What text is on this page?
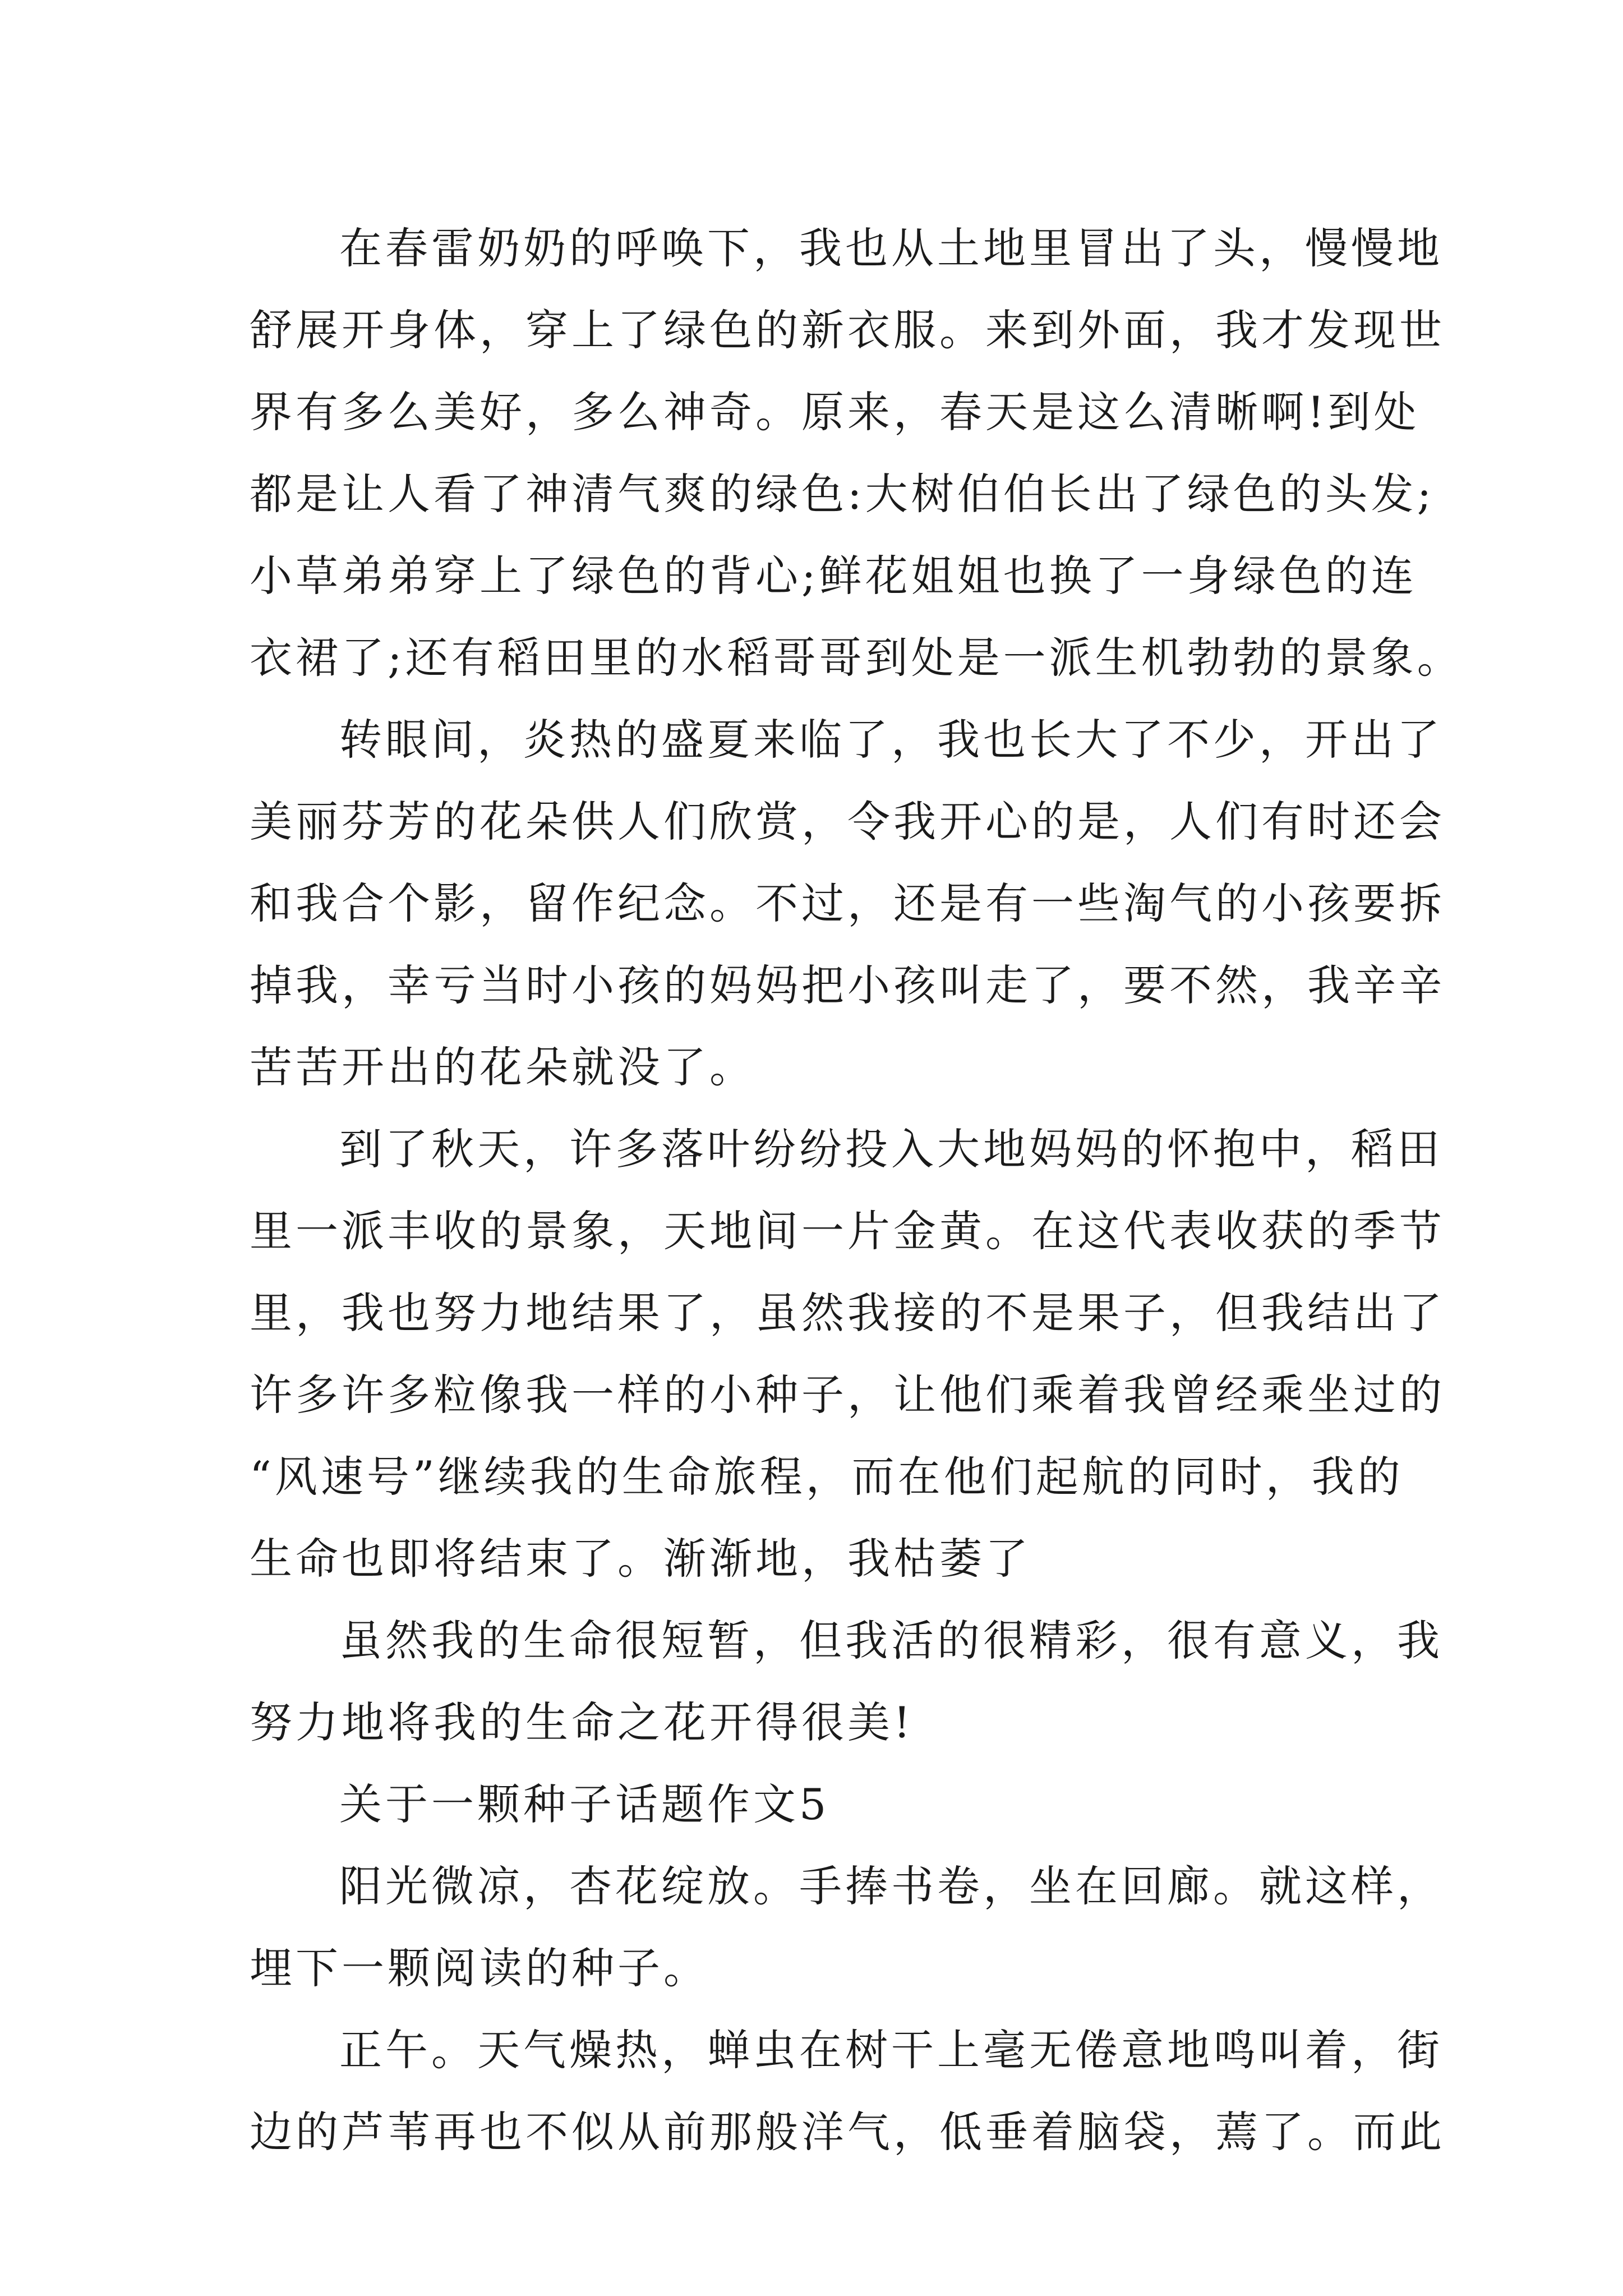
在春雷奶奶的呼唤下，我也从土地里冒出了头，慢慢地
舒展开身体，穿上了绿色的新衣服。来到外面，我才发现世
界有多么美好，多么神奇。原来，春天是这么清晰啊!到处
都是让人看了神清气爽的绿色:大树伯伯长出了绿色的头发;
小草弟弟穿上了绿色的背心;鲜花姐姐也换了一身绿色的连
衣裙了;还有稻田里的水稻哥哥到处是一派生机勃勃的景象。
转眼间，炎热的盛夏来临了，我也长大了不少，开出了
美丽芬芳的花朵供人们欣赏，令我开心的是，人们有时还会
和我合个影，留作纪念。不过，还是有一些淘气的小孩要拆
掉我，幸亏当时小孩的妈妈把小孩叫走了，要不然，我辛辛
苦苦开出的花朵就没了。
到了秋天，许多落叶纷纷投入大地妈妈的怀抱中，稻田
里一派丰收的景象，天地间一片金黄。在这代表收获的季节
里，我也努力地结果了，虽然我接的不是果子，但我结出了
许多许多粒像我一样的小种子，让他们乘着我曾经乘坐过的
“风速号”继续我的生命旅程，而在他们起航的同时，我的
生命也即将结束了。渐渐地，我枯萎了
虽然我的生命很短暂，但我活的很精彩，很有意义，我
努力地将我的生命之花开得很美!
关于一颗种子话题作文5
阳光微凉，杏花绽放。手捧书卷，坐在回廊。就这样，
埋下一颗阅读的种子。
正午。天气燥热，蝉虫在树干上毫无倦意地鸣叫着，街
边的芦苇再也不似从前那般洋气，低垂着脑袋，蔫了。而此
